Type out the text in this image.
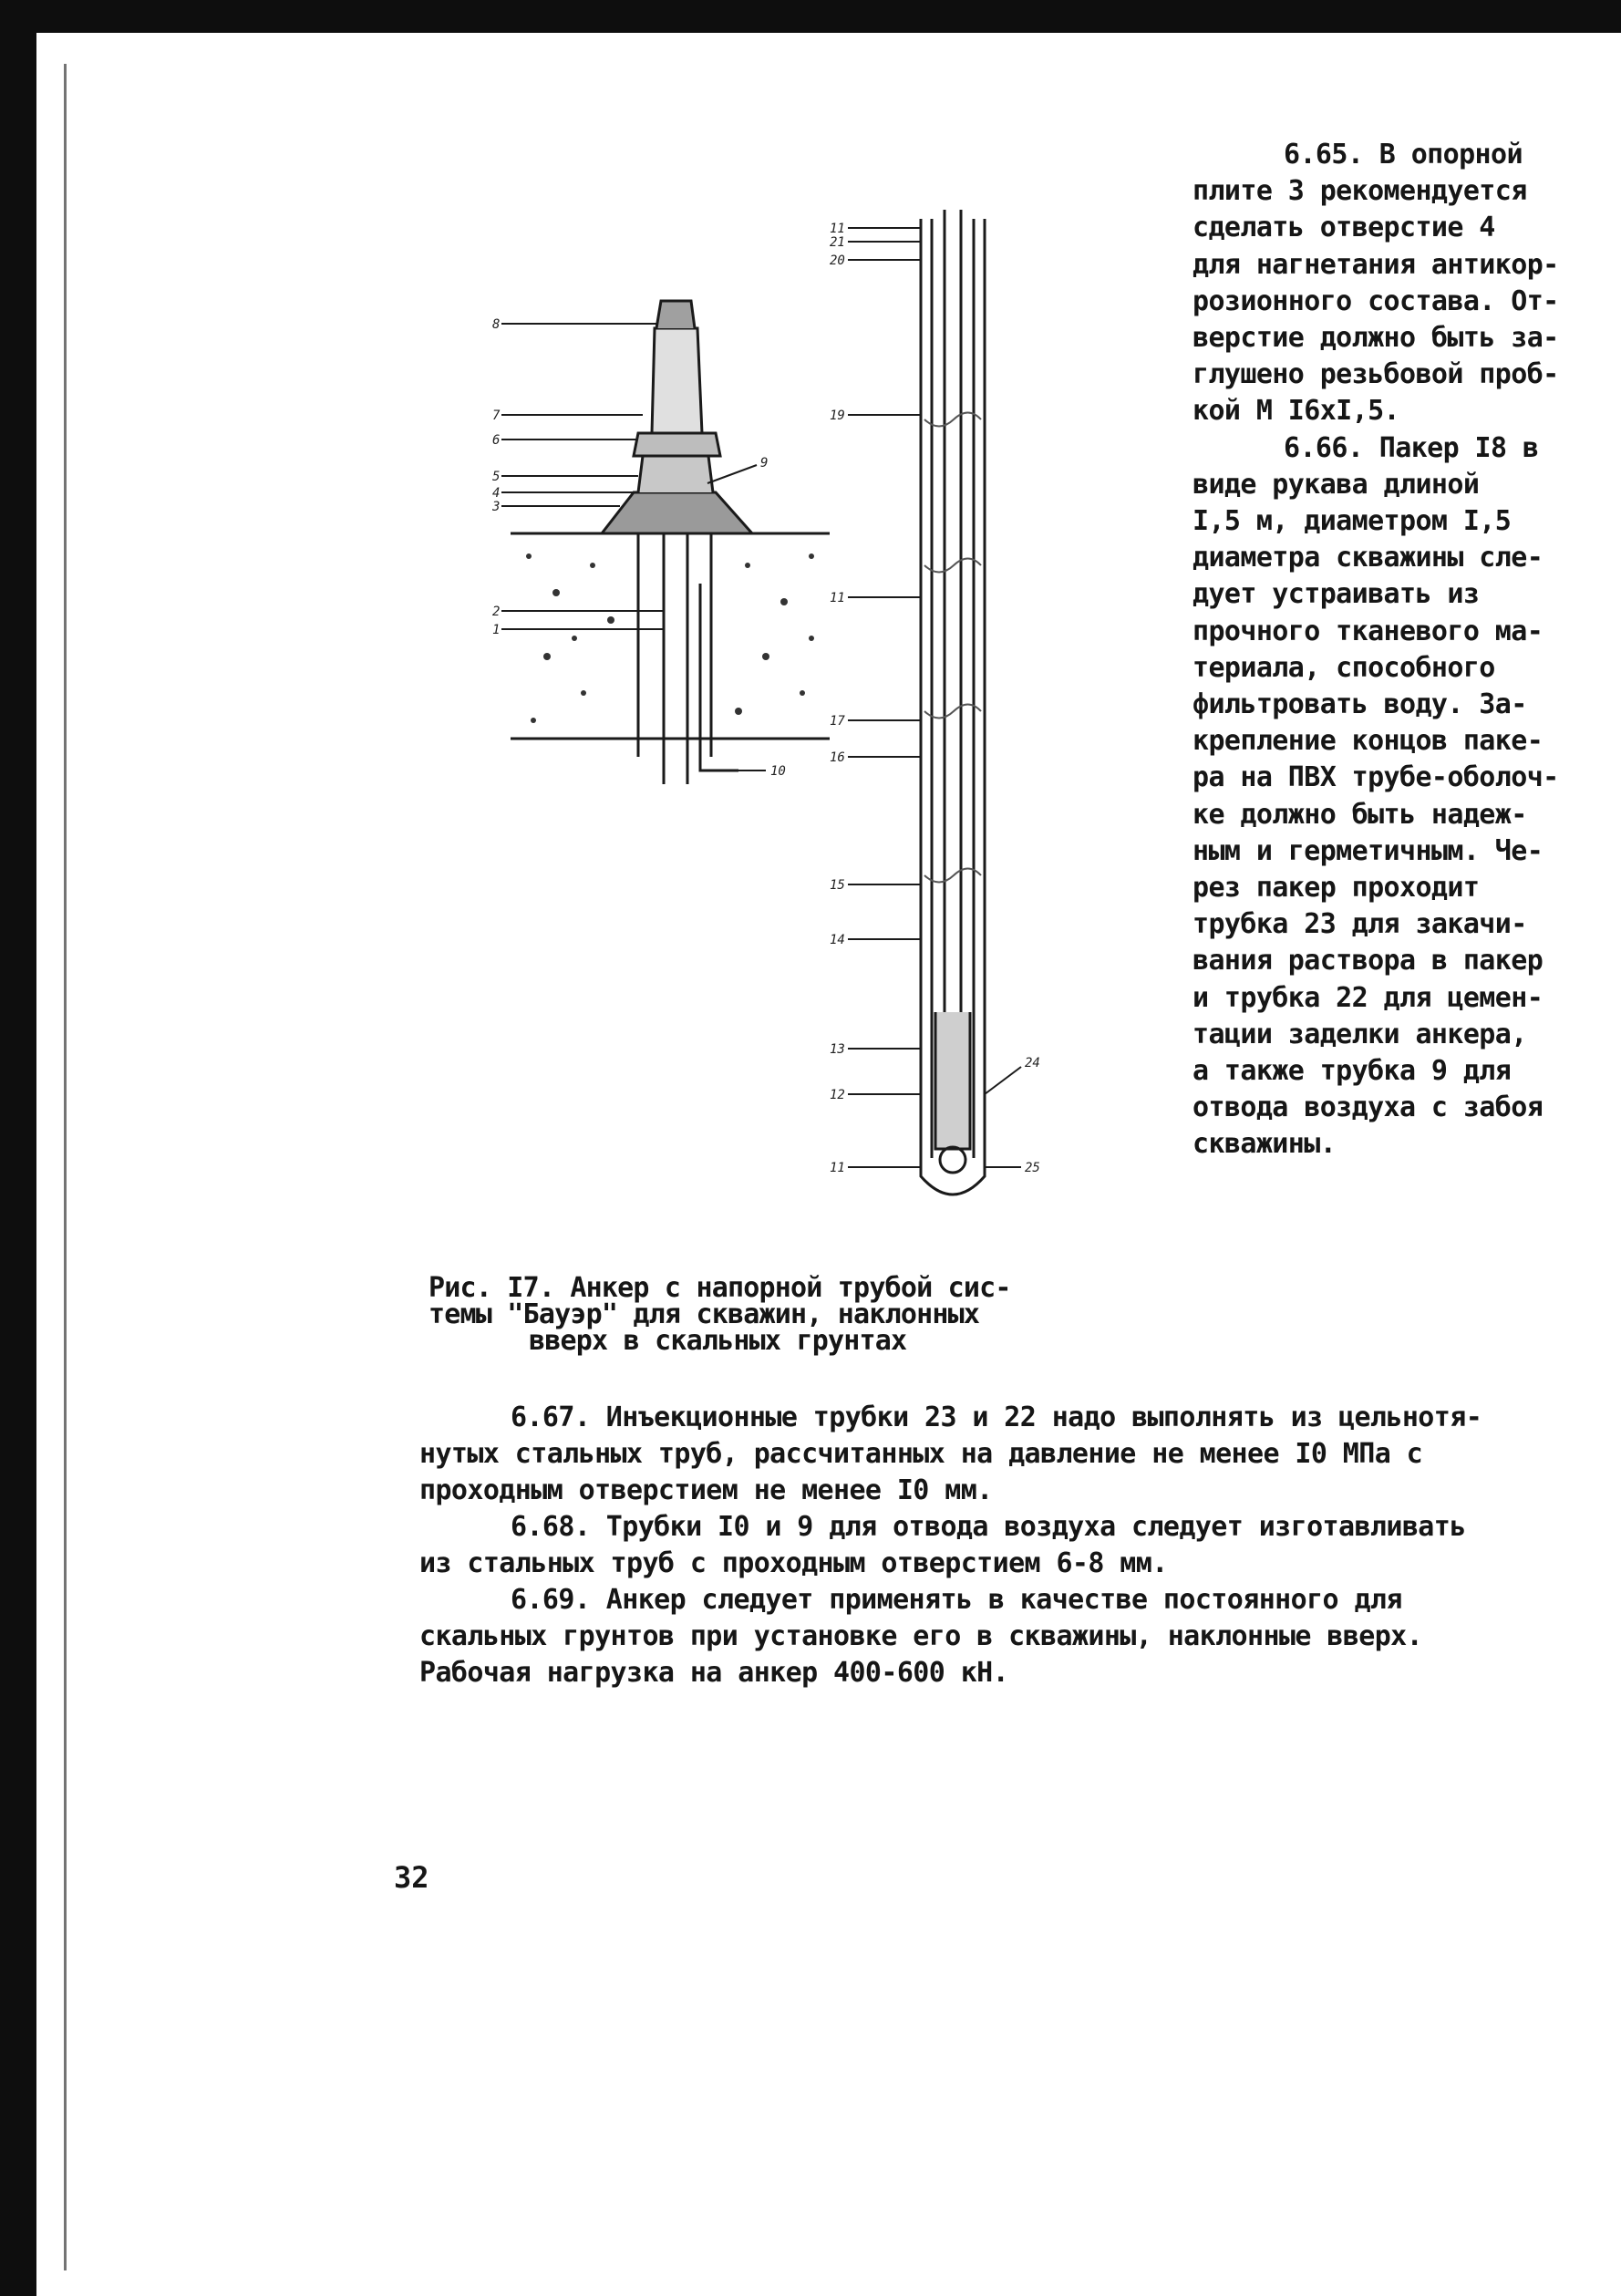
8
7
6
5
4
3
2
1
9
10
11
21
20
19
11
17
16
15
14
13
12
24
11	25

6.65. В опорной
плите 3 рекомендуется
сделать отверстие 4
для нагнетания антикор-
розионного состава. От-
верстие должно быть за-
глушено резьбовой проб-
кой М I6xI,5.
6.66. Пакер I8 в
виде рукава длиной
I,5 м, диаметром I,5
диаметра скважины сле-
дует устраивать из
прочного тканевого ма-
териала, способного
фильтровать воду. За-
крепление концов паке-
ра на ПВХ трубе-оболоч-
ке должно быть надеж-
ным и герметичным. Че-
рез пакер проходит
трубка 23 для закачи-
вания раствора в пакер
и трубка 22 для цемен-
тации заделки анкера,
а также трубка 9 для
отвода воздуха с забоя
скважины.

Рис. I7. Анкер с напорной трубой сис-
темы "Бауэр" для скважин, наклонных
вверх в скальных грунтах

6.67. Инъекционные трубки 23 и 22 надо выполнять из цельнотя-

нутых стальных труб, рассчитанных на давление не менее I0 МПа с
проходным отверстием не менее I0 мм.

6.68. Трубки I0 и 9 для отвода воздуха следует изготавливать

из стальных труб с проходным отверстием 6-8 мм.

6.69. Анкер следует применять в качестве постоянного для

скальных грунтов при установке его в скважины, наклонные вверх.
Рабочая нагрузка на анкер 400-600 кН.
32
